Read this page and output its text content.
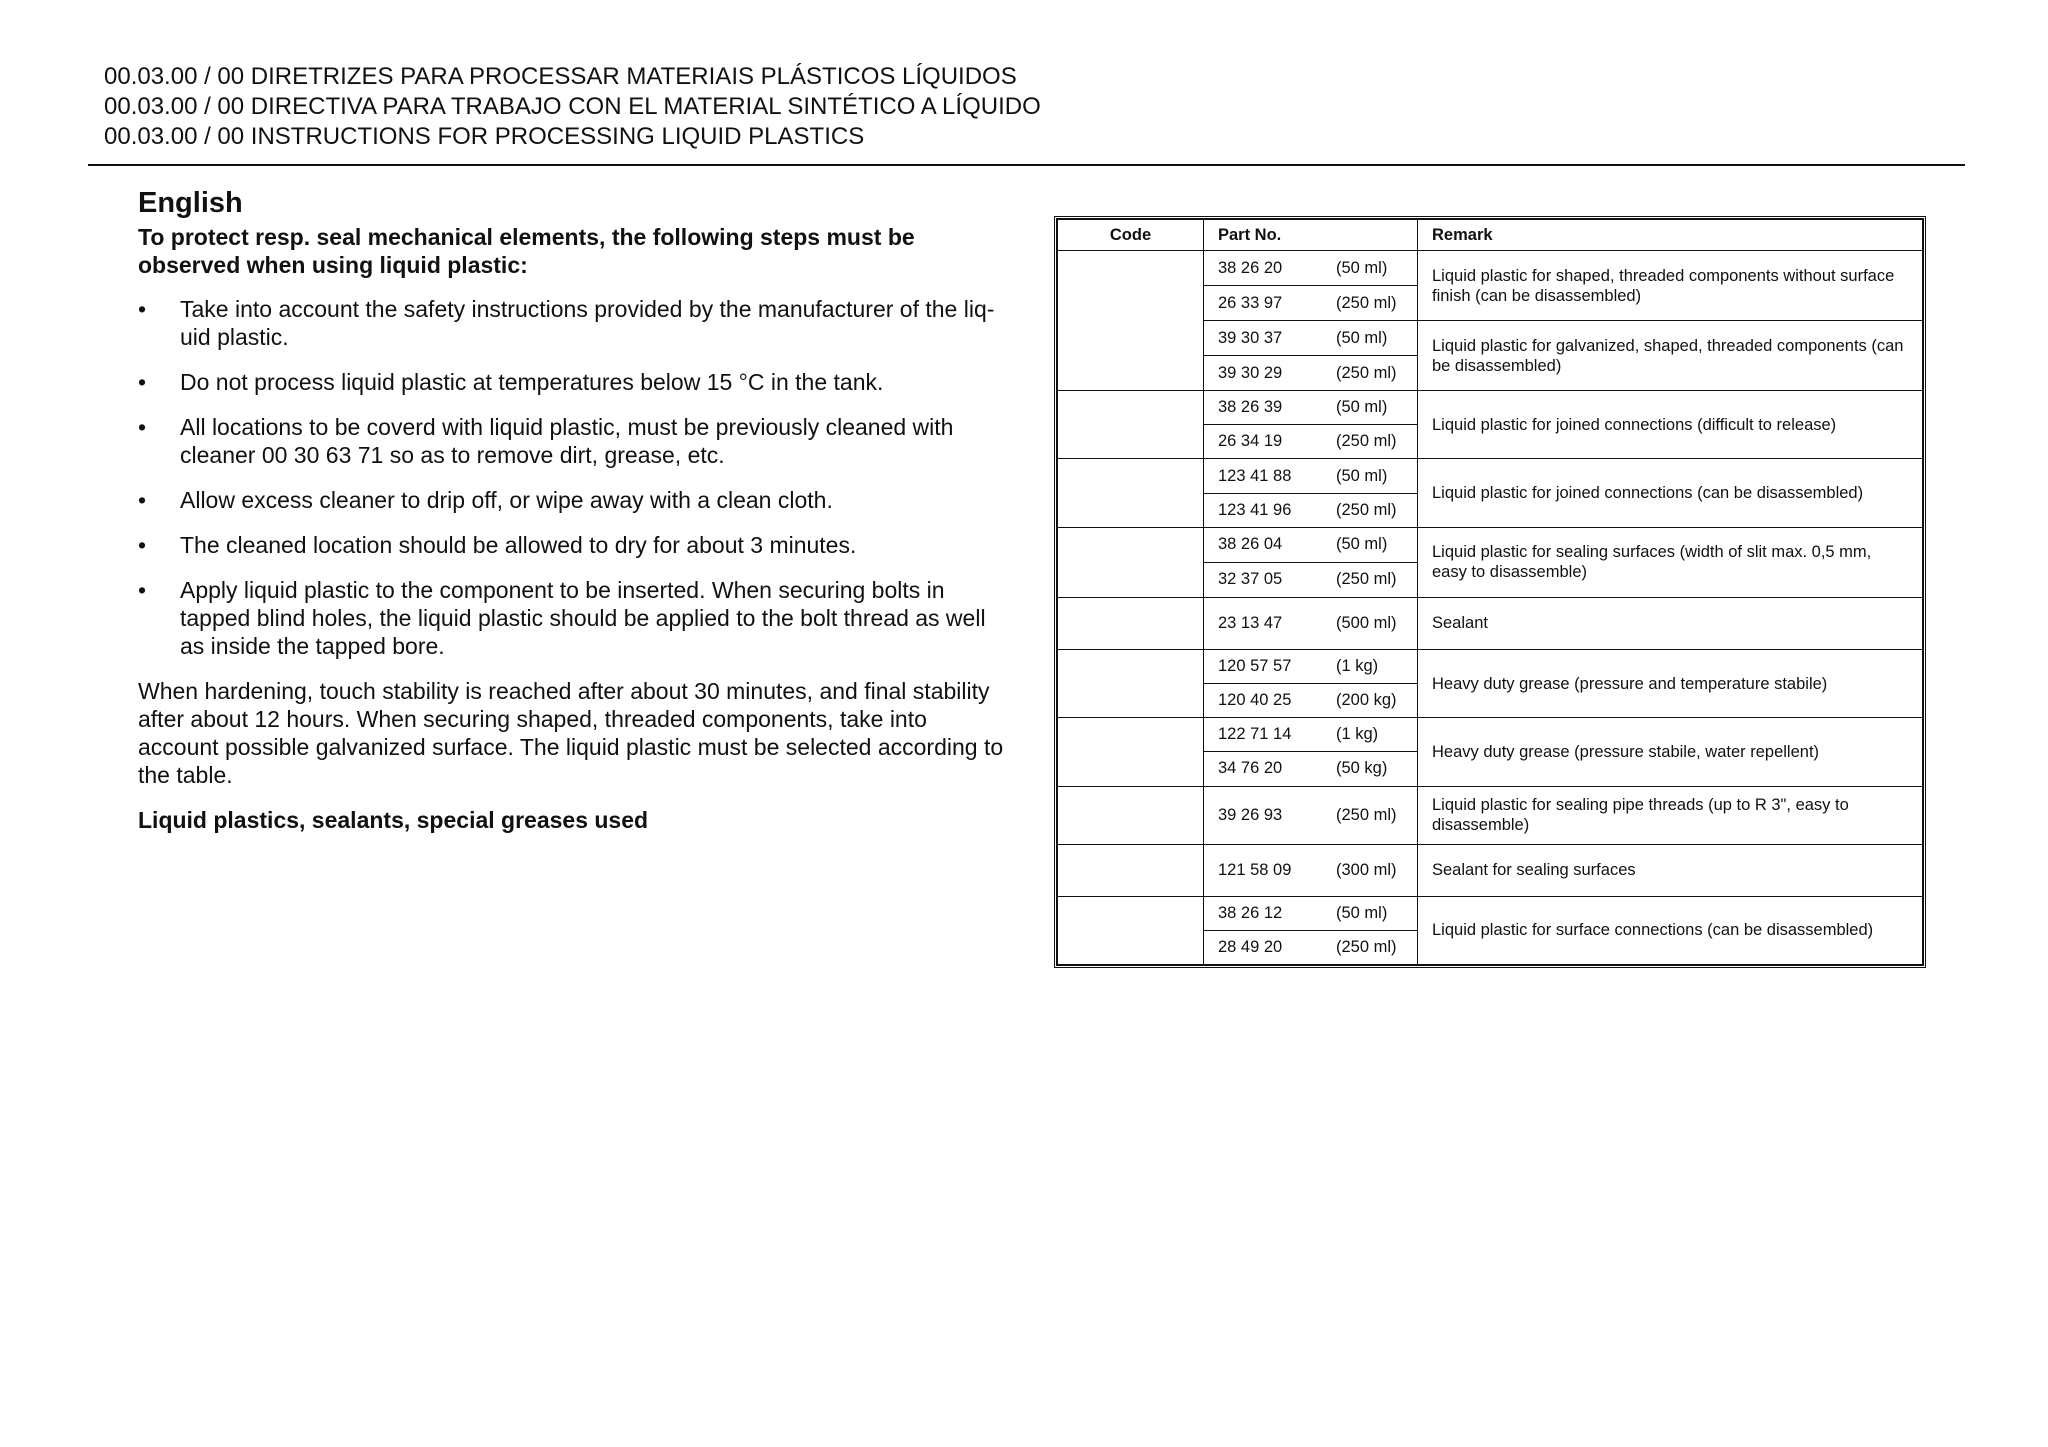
00.03.00 / 00 DIRETRIZES PARA PROCESSAR MATERIAIS PLÁSTICOS LÍQUIDOS
00.03.00 / 00 DIRECTIVA PARA TRABAJO CON EL MATERIAL SINTÉTICO A LÍQUIDO
00.03.00 / 00 INSTRUCTIONS FOR PROCESSING LIQUID PLASTICS
English

To protect resp. seal mechanical elements, the following steps must be observed when using liquid plastic:

• Take into account the safety instructions provided by the manufacturer of the liq-uid plastic.
• Do not process liquid plastic at temperatures below 15 °C in the tank.
• All locations to be coverd with liquid plastic, must be previously cleaned with cleaner 00 30 63 71 so as to remove dirt, grease, etc.
• Allow excess cleaner to drip off, or wipe away with a clean cloth.
• The cleaned location should be allowed to dry for about 3 minutes.
• Apply liquid plastic to the component to be inserted. When securing bolts in tapped blind holes, the liquid plastic should be applied to the bolt thread as well as inside the tapped bore.

When hardening, touch stability is reached after about 30 minutes, and final stability after about 12 hours. When securing shaped, threaded components, take into account possible galvanized surface. The liquid plastic must be selected according to the table.

Liquid plastics, sealants, special greases used

Code	Part No.	Remark
	38 26 20 (50 ml)	Liquid plastic for shaped, threaded components without surface finish (can be disassembled)
	26 33 97 (250 ml)	
	39 30 37 (50 ml)	Liquid plastic for galvanized, shaped, threaded components (can be disassembled)
	39 30 29 (250 ml)	
	38 26 39 (50 ml)	Liquid plastic for joined connections (difficult to release)
	26 34 19 (250 ml)	
	123 41 88 (50 ml)	Liquid plastic for joined connections (can be disassembled)
	123 41 96 (250 ml)	
	38 26 04 (50 ml)	Liquid plastic for sealing surfaces (width of slit max. 0,5 mm, easy to disassemble)
	32 37 05 (250 ml)	
	23 13 47 (500 ml)	Sealant
	120 57 57 (1 kg)	Heavy duty grease (pressure and temperature stabile)
	120 40 25 (200 kg)	
	122 71 14 (1 kg)	Heavy duty grease (pressure stabile, water repellent)
	34 76 20 (50 kg)	
	39 26 93 (250 ml)	Liquid plastic for sealing pipe threads (up to R 3", easy to disassemble)
	121 58 09 (300 ml)	Sealant for sealing surfaces
	38 26 12 (50 ml)	Liquid plastic for surface connections (can be disassembled)
	28 49 20 (250 ml)	
